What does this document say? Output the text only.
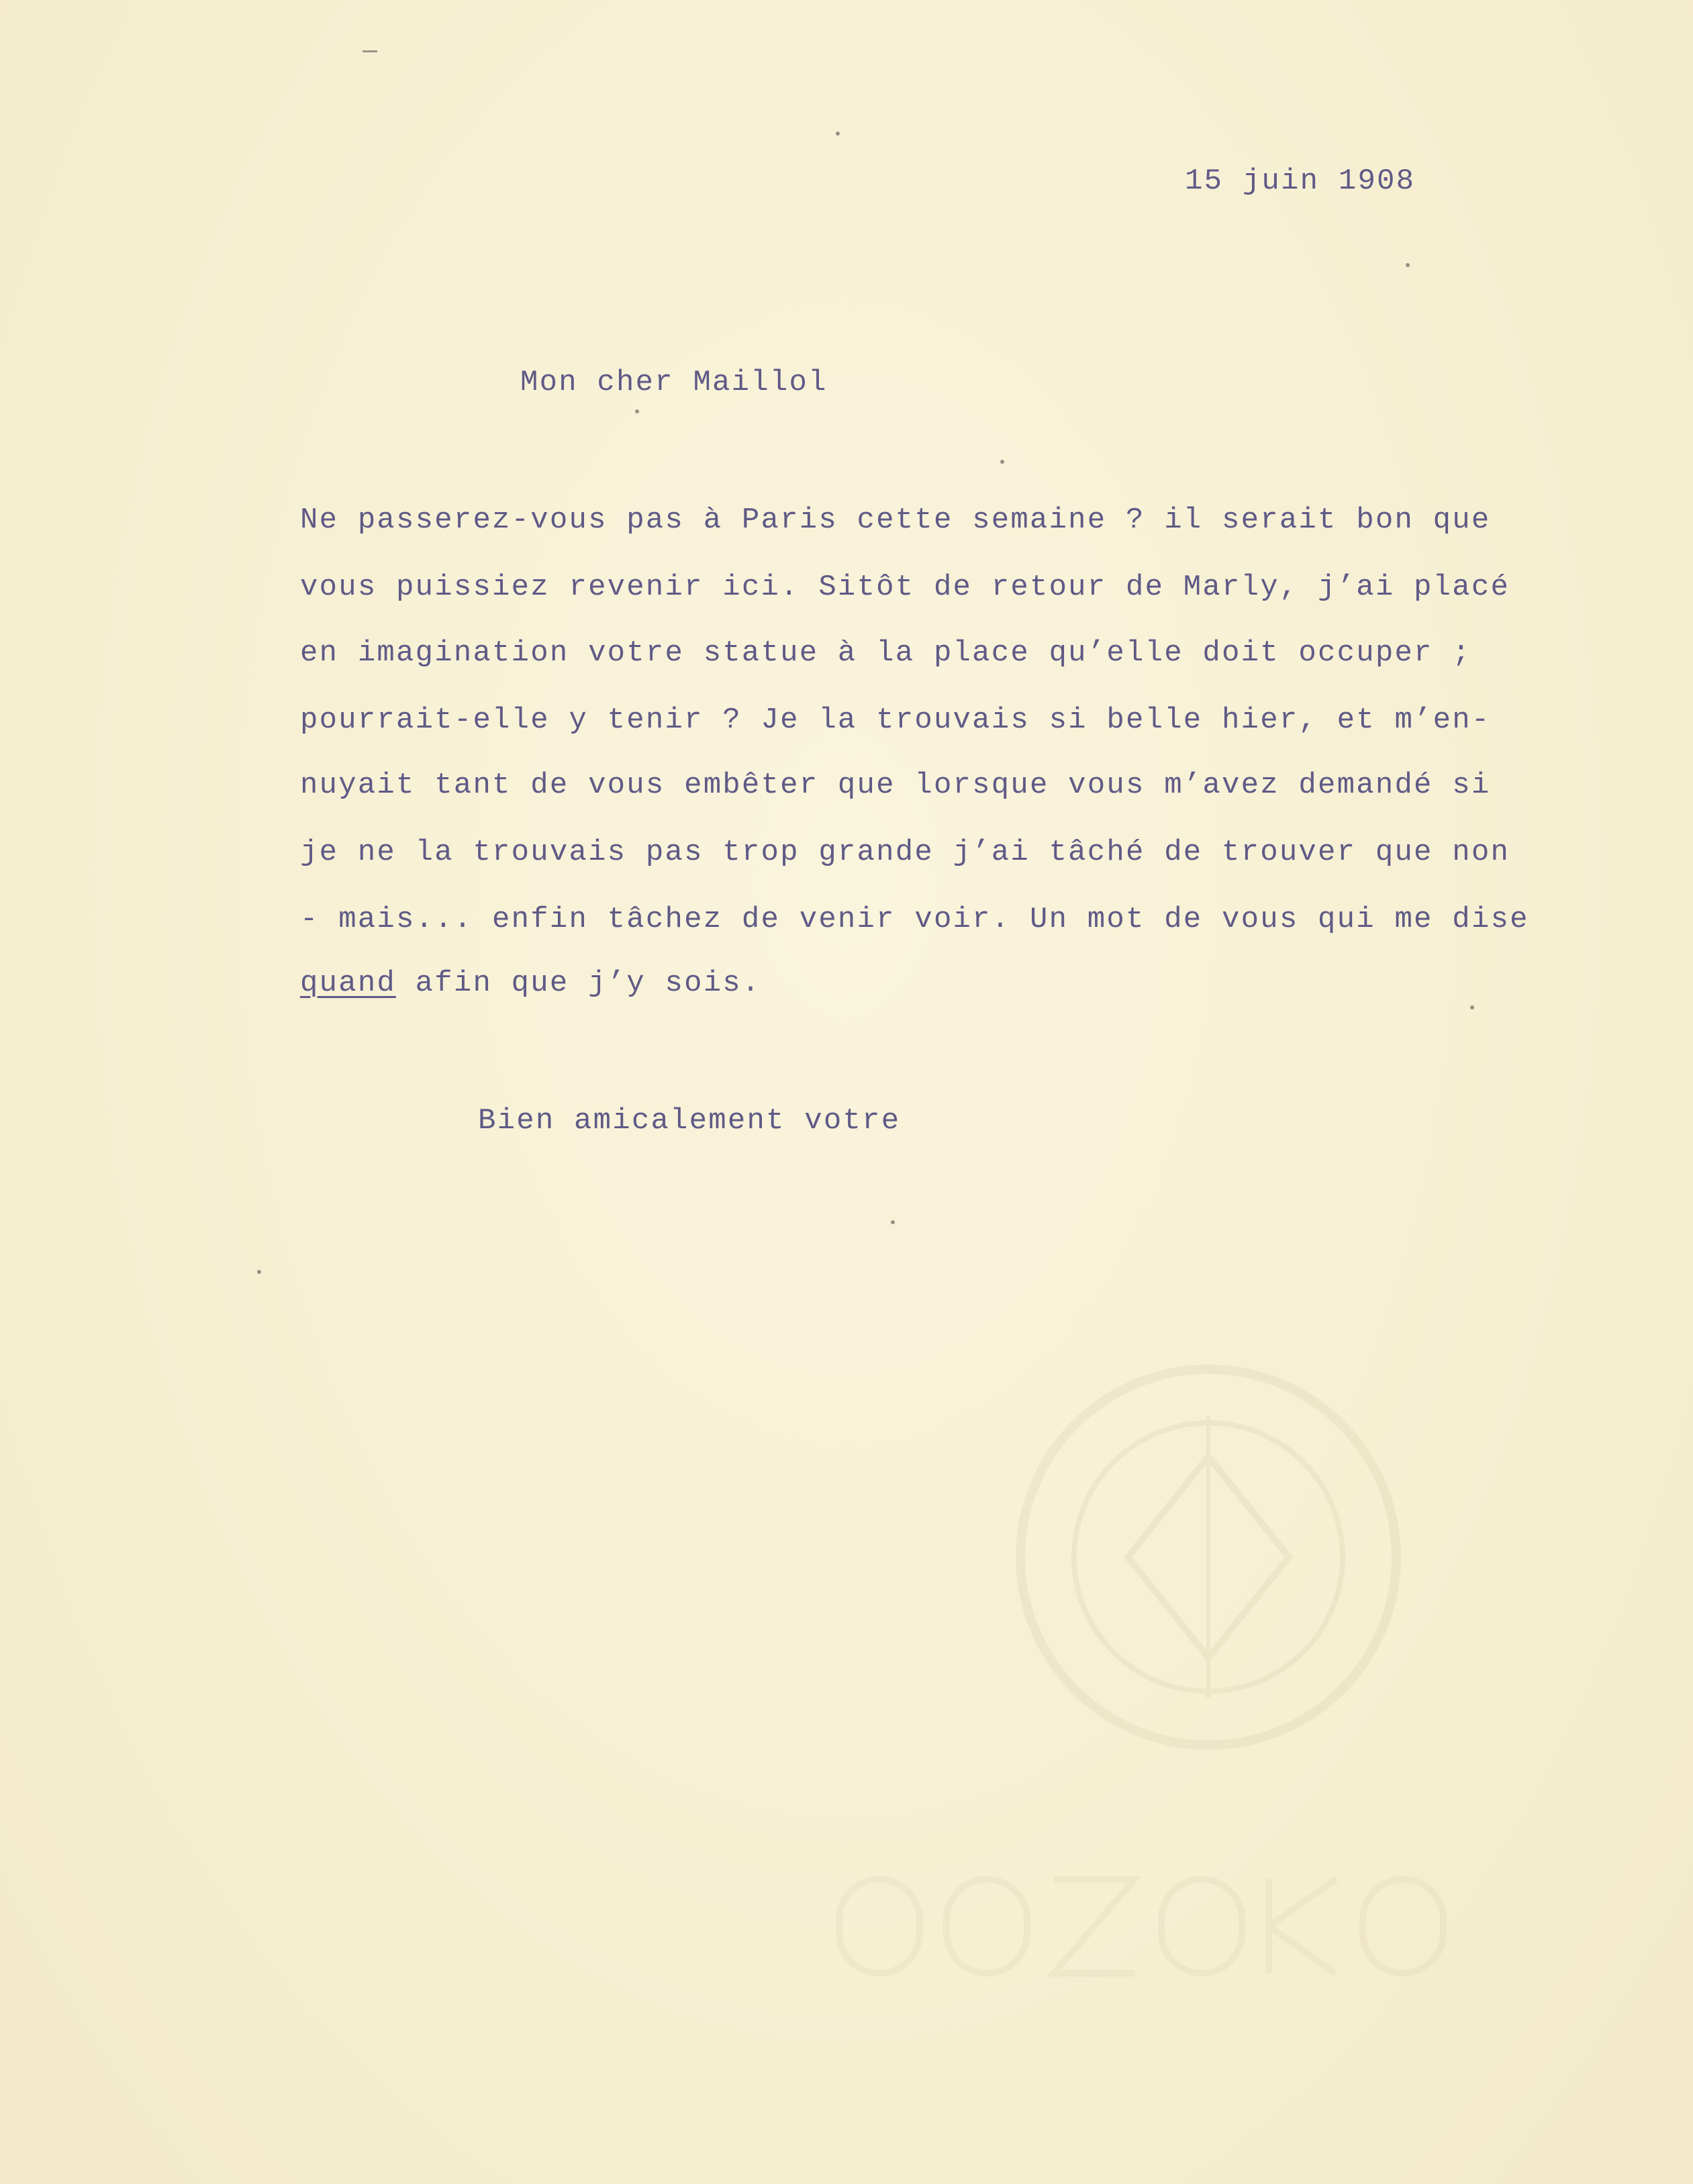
15 juin 1908
Mon cher Maillol
Ne passerez-vous pas à Paris cette semaine ? il serait bon que
vous puissiez revenir ici. Sitôt de retour de Marly, j’ai placé
en imagination votre statue à la place qu’elle doit occuper ;
pourrait-elle y tenir ? Je la trouvais si belle hier, et m’en-
nuyait tant de vous embêter que lorsque vous m’avez demandé si
je ne la trouvais pas trop grande j’ai tâché de trouver que non
- mais... enfin tâchez de venir voir. Un mot de vous qui me dise
quand afin que j’y sois.
Bien amicalement votre
